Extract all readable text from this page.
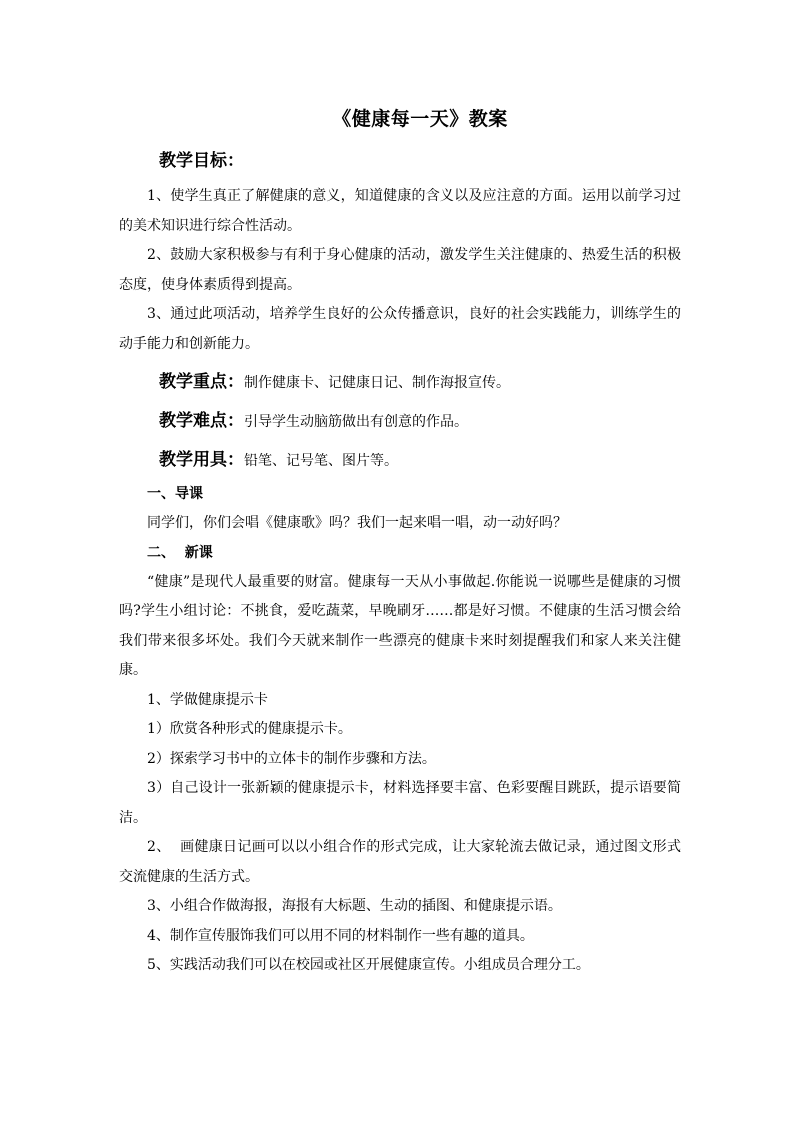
《健康每一天》教案
教学目标：

1、使学生真正了解健康的意义，知道健康的含义以及应注意的方面。运用以前学习过的美术知识进行综合性活动。

2、鼓励大家积极参与有利于身心健康的活动，激发学生关注健康的、热爱生活的积极态度，使身体素质得到提高。

3、通过此项活动，培养学生良好的公众传播意识，良好的社会实践能力，训练学生的动手能力和创新能力。

教学重点：制作健康卡、记健康日记、制作海报宣传。
教学难点：引导学生动脑筋做出有创意的作品。
教学用具：铅笔、记号笔、图片等。

一、导课

同学们，你们会唱《健康歌》吗？我们一起来唱一唱，动一动好吗？

二、  新课

“健康”是现代人最重要的财富。健康每一天从小事做起.你能说一说哪些是健康的习惯吗?学生小组讨论：不挑食，爱吃蔬菜，早晚刷牙……都是好习惯。不健康的生活习惯会给我们带来很多坏处。我们今天就来制作一些漂亮的健康卡来时刻提醒我们和家人来关注健康。

1、学做健康提示卡

1）欣赏各种形式的健康提示卡。

2）探索学习书中的立体卡的制作步骤和方法。

3）自己设计一张新颖的健康提示卡，材料选择要丰富、色彩要醒目跳跃，提示语要简洁。

2、  画健康日记画可以以小组合作的形式完成，让大家轮流去做记录，通过图文形式交流健康的生活方式。

3、小组合作做海报，海报有大标题、生动的插图、和健康提示语。

4、制作宣传服饰我们可以用不同的材料制作一些有趣的道具。

5、实践活动我们可以在校园或社区开展健康宣传。小组成员合理分工。
